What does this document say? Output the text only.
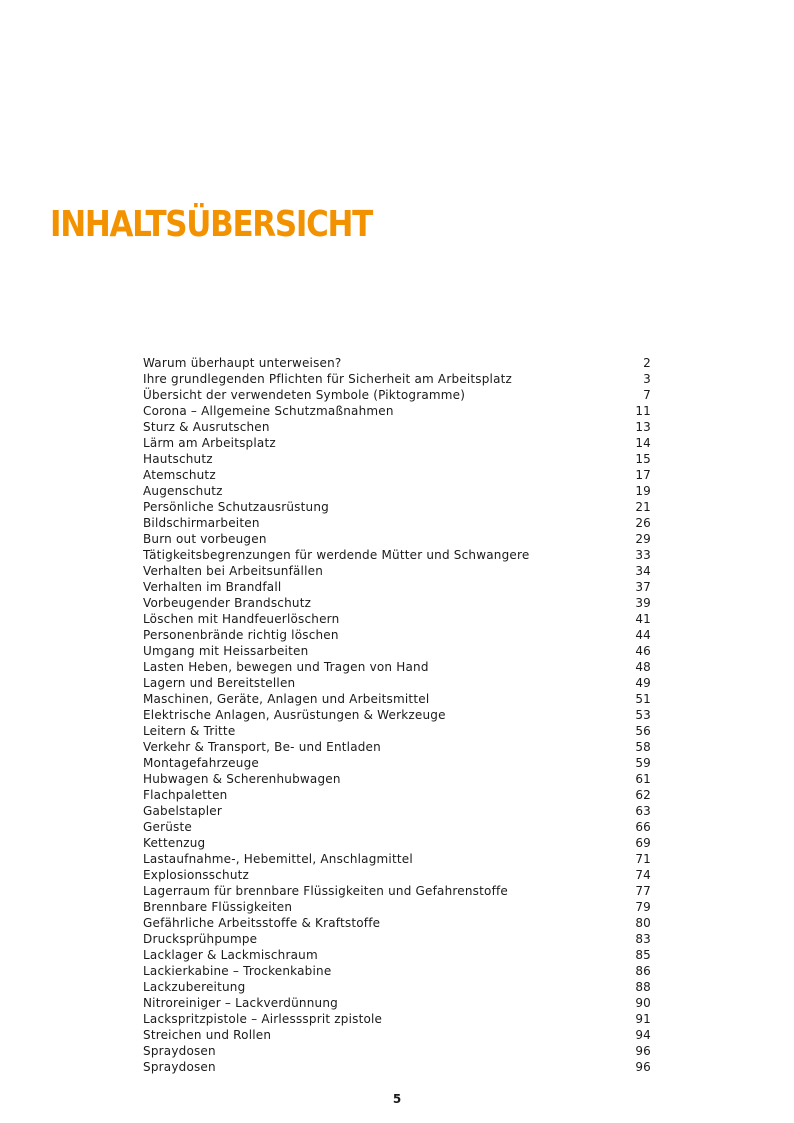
INHALTSÜBERSICHT
Warum überhaupt unterweisen?	2
Ihre grundlegenden Pflichten für Sicherheit am Arbeitsplatz	3
Übersicht der verwendeten Symbole (Piktogramme)	7
Corona – Allgemeine Schutzmaßnahmen	11
Sturz & Ausrutschen	13
Lärm am Arbeitsplatz	14
Hautschutz	15
Atemschutz	17
Augenschutz	19
Persönliche Schutzausrüstung	21
Bildschirmarbeiten	26
Burn out vorbeugen	29
Tätigkeitsbegrenzungen für werdende Mütter und Schwangere	33
Verhalten bei Arbeitsunfällen	34
Verhalten im Brandfall	37
Vorbeugender Brandschutz	39
Löschen mit Handfeuerlöschern	41
Personenbrände richtig löschen	44
Umgang mit Heissarbeiten	46
Lasten Heben, bewegen und Tragen von Hand	48
Lagern und Bereitstellen	49
Maschinen, Geräte, Anlagen und Arbeitsmittel	51
Elektrische Anlagen, Ausrüstungen & Werkzeuge	53
Leitern & Tritte	56
Verkehr & Transport, Be- und Entladen	58
Montagefahrzeuge	59
Hubwagen & Scherenhubwagen	61
Flachpaletten	62
Gabelstapler	63
Gerüste	66
Kettenzug	69
Lastaufnahme-, Hebemittel, Anschlagmittel	71
Explosionsschutz	74
Lagerraum für brennbare Flüssigkeiten und Gefahrenstoffe	77
Brennbare Flüssigkeiten	79
Gefährliche Arbeitsstoffe & Kraftstoffe	80
Drucksprühpumpe	83
Lacklager & Lackmischraum	85
Lackierkabine – Trockenkabine	86
Lackzubereitung	88
Nitroreiniger – Lackverdünnung	90
Lackspritzpistole – Airlesssprit zpistole	91
Streichen und Rollen	94
Spraydosen	96
Spraydosen	96
5
